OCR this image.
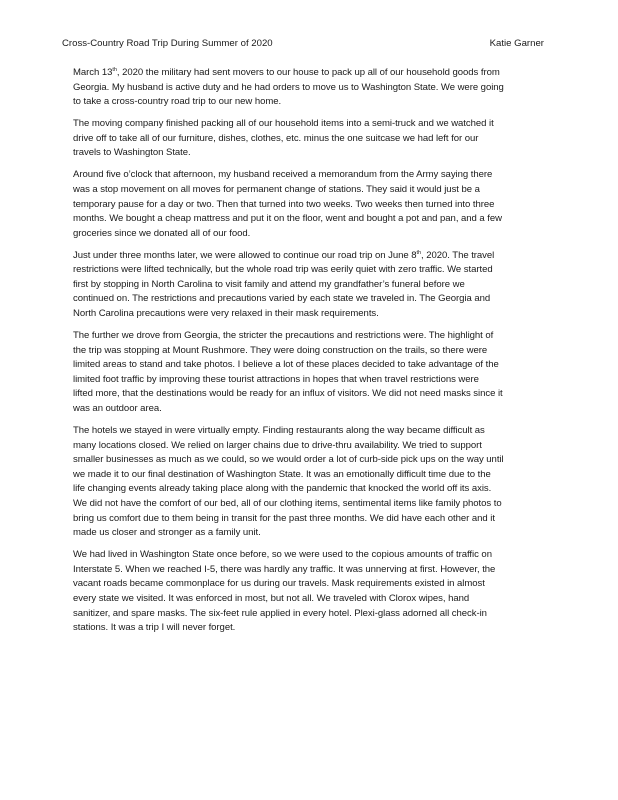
Cross-Country Road Trip During Summer of 2020	Katie Garner

March 13th, 2020 the military had sent movers to our house to pack up all of our household goods from
Georgia. My husband is active duty and he had orders to move us to Washington State. We were going
to take a cross-country road trip to our new home.

The moving company finished packing all of our household items into a semi-truck and we watched it
drive off to take all of our furniture, dishes, clothes, etc. minus the one suitcase we had left for our
travels to Washington State.

Around five o’clock that afternoon, my husband received a memorandum from the Army saying there
was a stop movement on all moves for permanent change of stations. They said it would just be a
temporary pause for a day or two. Then that turned into two weeks. Two weeks then turned into three
months. We bought a cheap mattress and put it on the floor, went and bought a pot and pan, and a few
groceries since we donated all of our food.

Just under three months later, we were allowed to continue our road trip on June 8th, 2020. The travel
restrictions were lifted technically, but the whole road trip was eerily quiet with zero traffic. We started
first by stopping in North Carolina to visit family and attend my grandfather’s funeral before we
continued on. The restrictions and precautions varied by each state we traveled in. The Georgia and
North Carolina precautions were very relaxed in their mask requirements.

The further we drove from Georgia, the stricter the precautions and restrictions were. The highlight of
the trip was stopping at Mount Rushmore. They were doing construction on the trails, so there were
limited areas to stand and take photos. I believe a lot of these places decided to take advantage of the
limited foot traffic by improving these tourist attractions in hopes that when travel restrictions were
lifted more, that the destinations would be ready for an influx of visitors. We did not need masks since it
was an outdoor area.

The hotels we stayed in were virtually empty. Finding restaurants along the way became difficult as
many locations closed. We relied on larger chains due to drive-thru availability. We tried to support
smaller businesses as much as we could, so we would order a lot of curb-side pick ups on the way until
we made it to our final destination of Washington State. It was an emotionally difficult time due to the
life changing events already taking place along with the pandemic that knocked the world off its axis.
We did not have the comfort of our bed, all of our clothing items, sentimental items like family photos to
bring us comfort due to them being in transit for the past three months. We did have each other and it
made us closer and stronger as a family unit.

We had lived in Washington State once before, so we were used to the copious amounts of traffic on
Interstate 5. When we reached I-5, there was hardly any traffic. It was unnerving at first. However, the
vacant roads became commonplace for us during our travels. Mask requirements existed in almost
every state we visited. It was enforced in most, but not all. We traveled with Clorox wipes, hand
sanitizer, and spare masks. The six-feet rule applied in every hotel. Plexi-glass adorned all check-in
stations. It was a trip I will never forget.
